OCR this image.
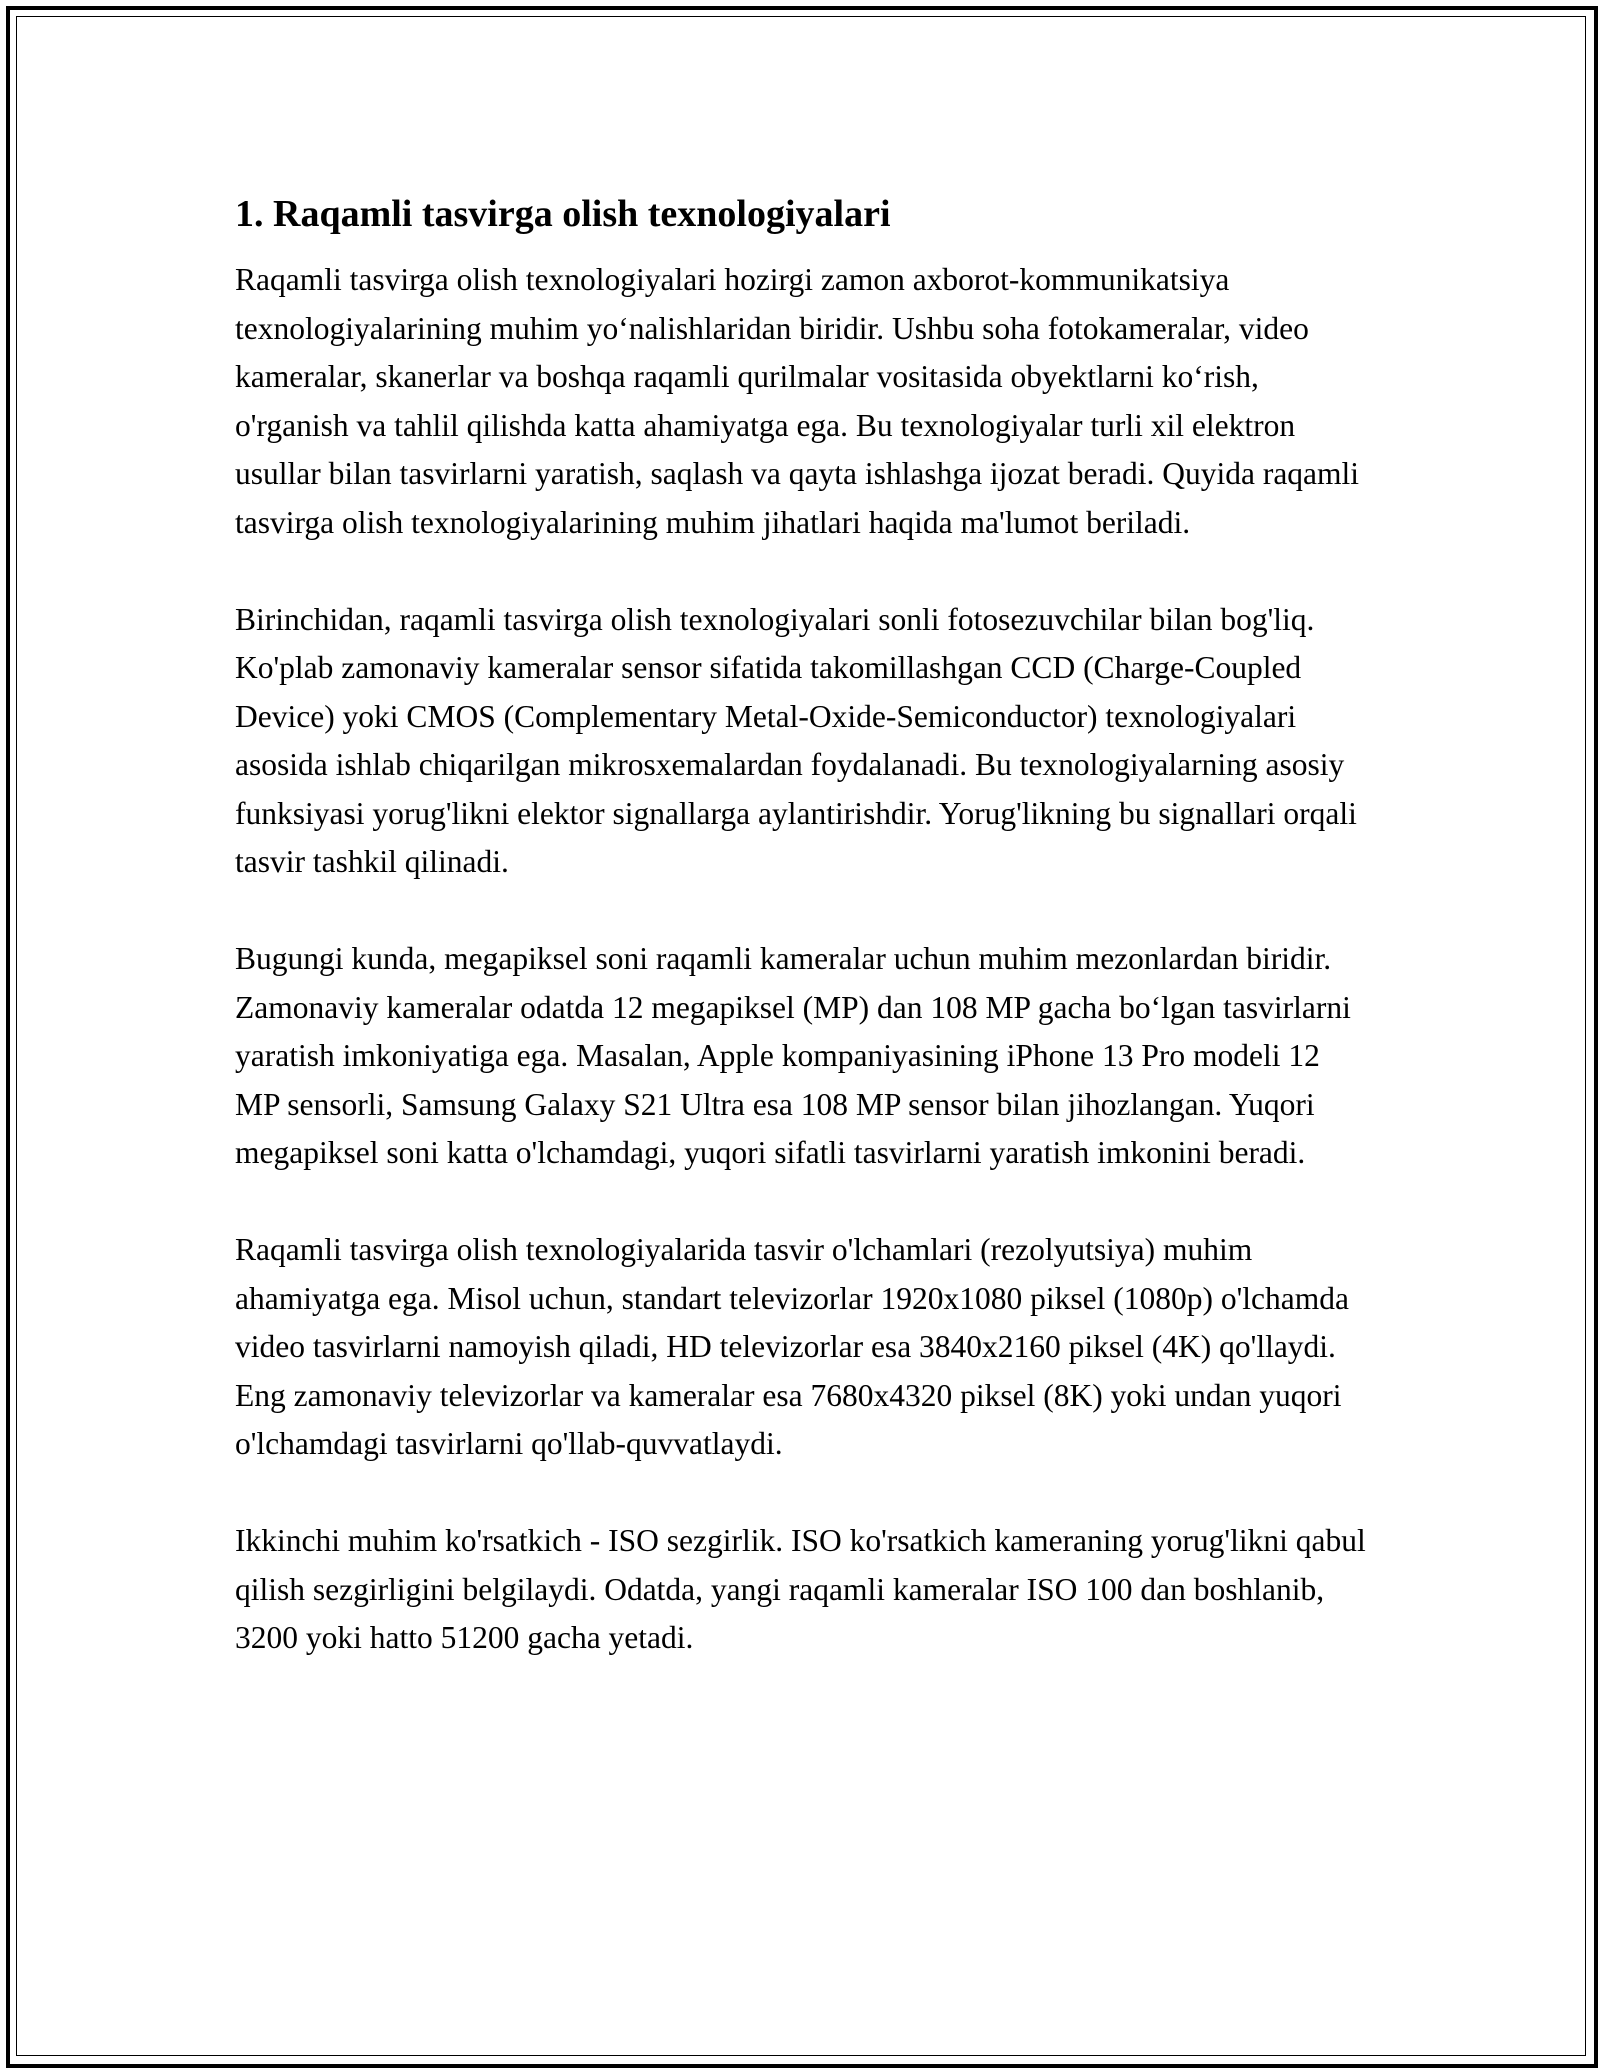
1. Raqamli tasvirga olish texnologiyalari

Raqamli tasvirga olish texnologiyalari hozirgi zamon axborot-kommunikatsiya texnologiyalarining muhim yo‘nalishlaridan biridir. Ushbu soha fotokameralar, video kameralar, skanerlar va boshqa raqamli qurilmalar vositasida obyektlarni ko‘rish, o'rganish va tahlil qilishda katta ahamiyatga ega. Bu texnologiyalar turli xil elektron usullar bilan tasvirlarni yaratish, saqlash va qayta ishlashga ijozat beradi. Quyida raqamli tasvirga olish texnologiyalarining muhim jihatlari haqida ma'lumot beriladi.

Birinchidan, raqamli tasvirga olish texnologiyalari sonli fotosezuvchilar bilan bog'liq. Ko'plab zamonaviy kameralar sensor sifatida takomillashgan CCD (Charge-Coupled Device) yoki CMOS (Complementary Metal-Oxide-Semiconductor) texnologiyalari asosida ishlab chiqarilgan mikrosxemalardan foydalanadi. Bu texnologiyalarning asosiy funksiyasi yorug'likni elektor signallarga aylantirishdir. Yorug'likning bu signallari orqali tasvir tashkil qilinadi.

Bugungi kunda, megapiksel soni raqamli kameralar uchun muhim mezonlardan biridir. Zamonaviy kameralar odatda 12 megapiksel (MP) dan 108 MP gacha bo‘lgan tasvirlarni yaratish imkoniyatiga ega. Masalan, Apple kompaniyasining iPhone 13 Pro modeli 12 MP sensorli, Samsung Galaxy S21 Ultra esa 108 MP sensor bilan jihozlangan. Yuqori megapiksel soni katta o'lchamdagi, yuqori sifatli tasvirlarni yaratish imkonini beradi.

Raqamli tasvirga olish texnologiyalarida tasvir o'lchamlari (rezolyutsiya) muhim ahamiyatga ega. Misol uchun, standart televizorlar 1920x1080 piksel (1080p) o'lchamda video tasvirlarni namoyish qiladi, HD televizorlar esa 3840x2160 piksel (4K) qo'llaydi. Eng zamonaviy televizorlar va kameralar esa 7680x4320 piksel (8K) yoki undan yuqori o'lchamdagi tasvirlarni qo'llab-quvvatlaydi.

Ikkinchi muhim ko'rsatkich - ISO sezgirlik. ISO ko'rsatkich kameraning yorug'likni qabul qilish sezgirligini belgilaydi. Odatda, yangi raqamli kameralar ISO 100 dan boshlanib, 3200 yoki hatto 51200 gacha yetadi.
